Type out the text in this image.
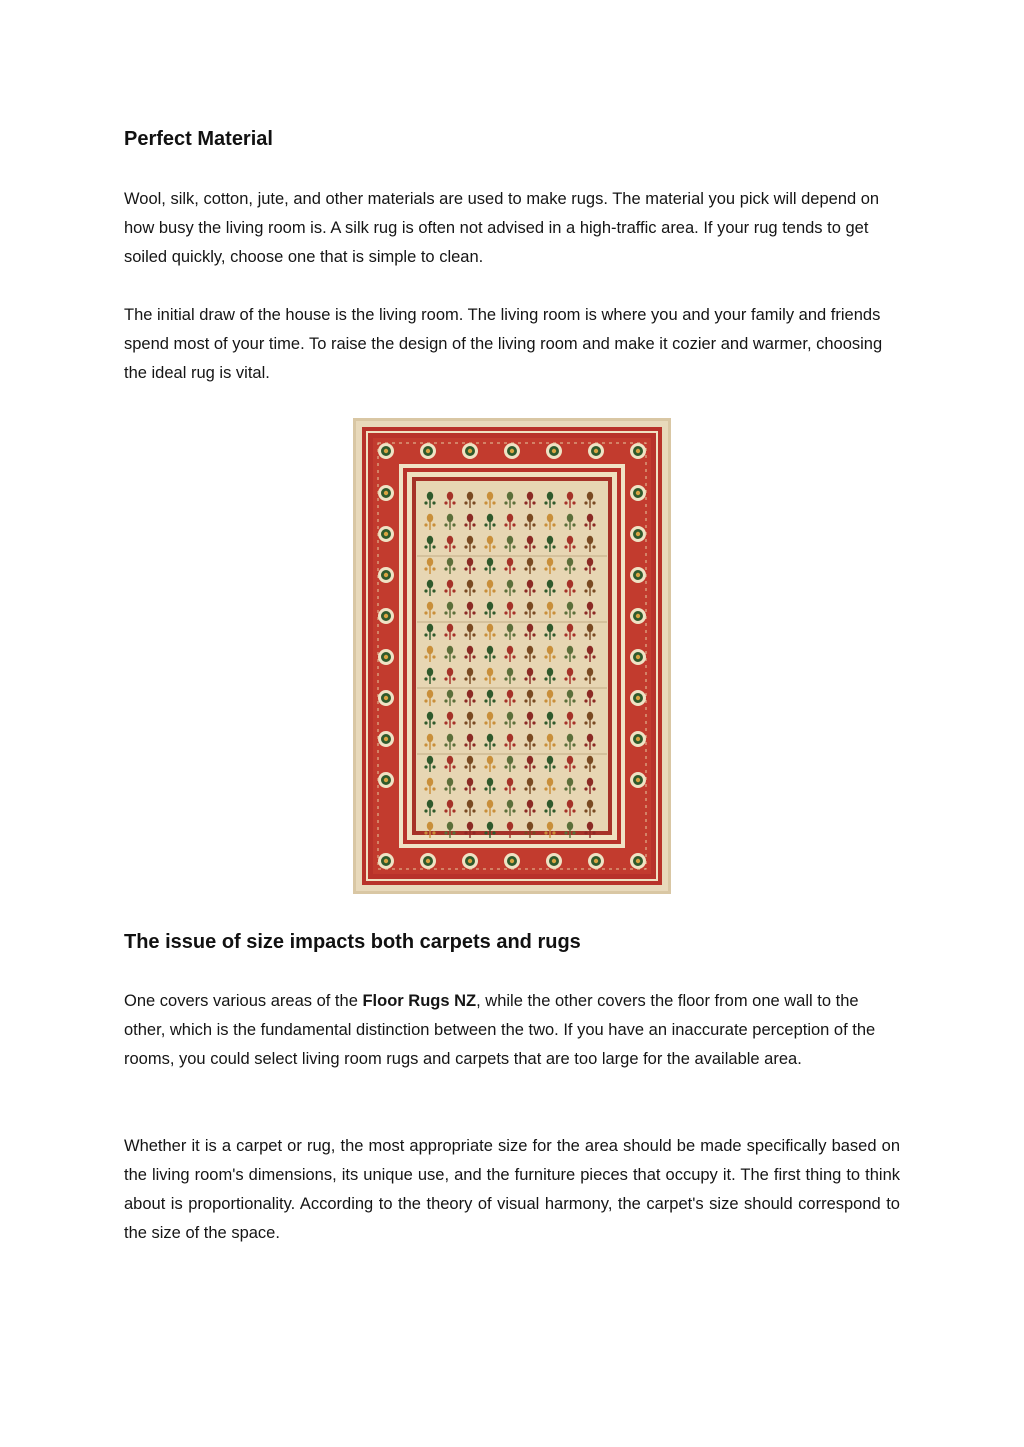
Perfect Material

Wool, silk, cotton, jute, and other materials are used to make rugs. The material you pick will depend on how busy the living room is. A silk rug is often not advised in a high-traffic area. If your rug tends to get soiled quickly, choose one that is simple to clean.

The initial draw of the house is the living room. The living room is where you and your family and friends spend most of your time. To raise the design of the living room and make it cozier and warmer, choosing the ideal rug is vital.

The issue of size impacts both carpets and rugs

One covers various areas of the Floor Rugs NZ, while the other covers the floor from one wall to the other, which is the fundamental distinction between the two. If you have an inaccurate perception of the rooms, you could select living room rugs and carpets that are too large for the available area.

Whether it is a carpet or rug, the most appropriate size for the area should be made specifically based on the living room's dimensions, its unique use, and the furniture pieces that occupy it. The first thing to think about is proportionality. According to the theory of visual harmony, the carpet's size should correspond to the size of the space.
